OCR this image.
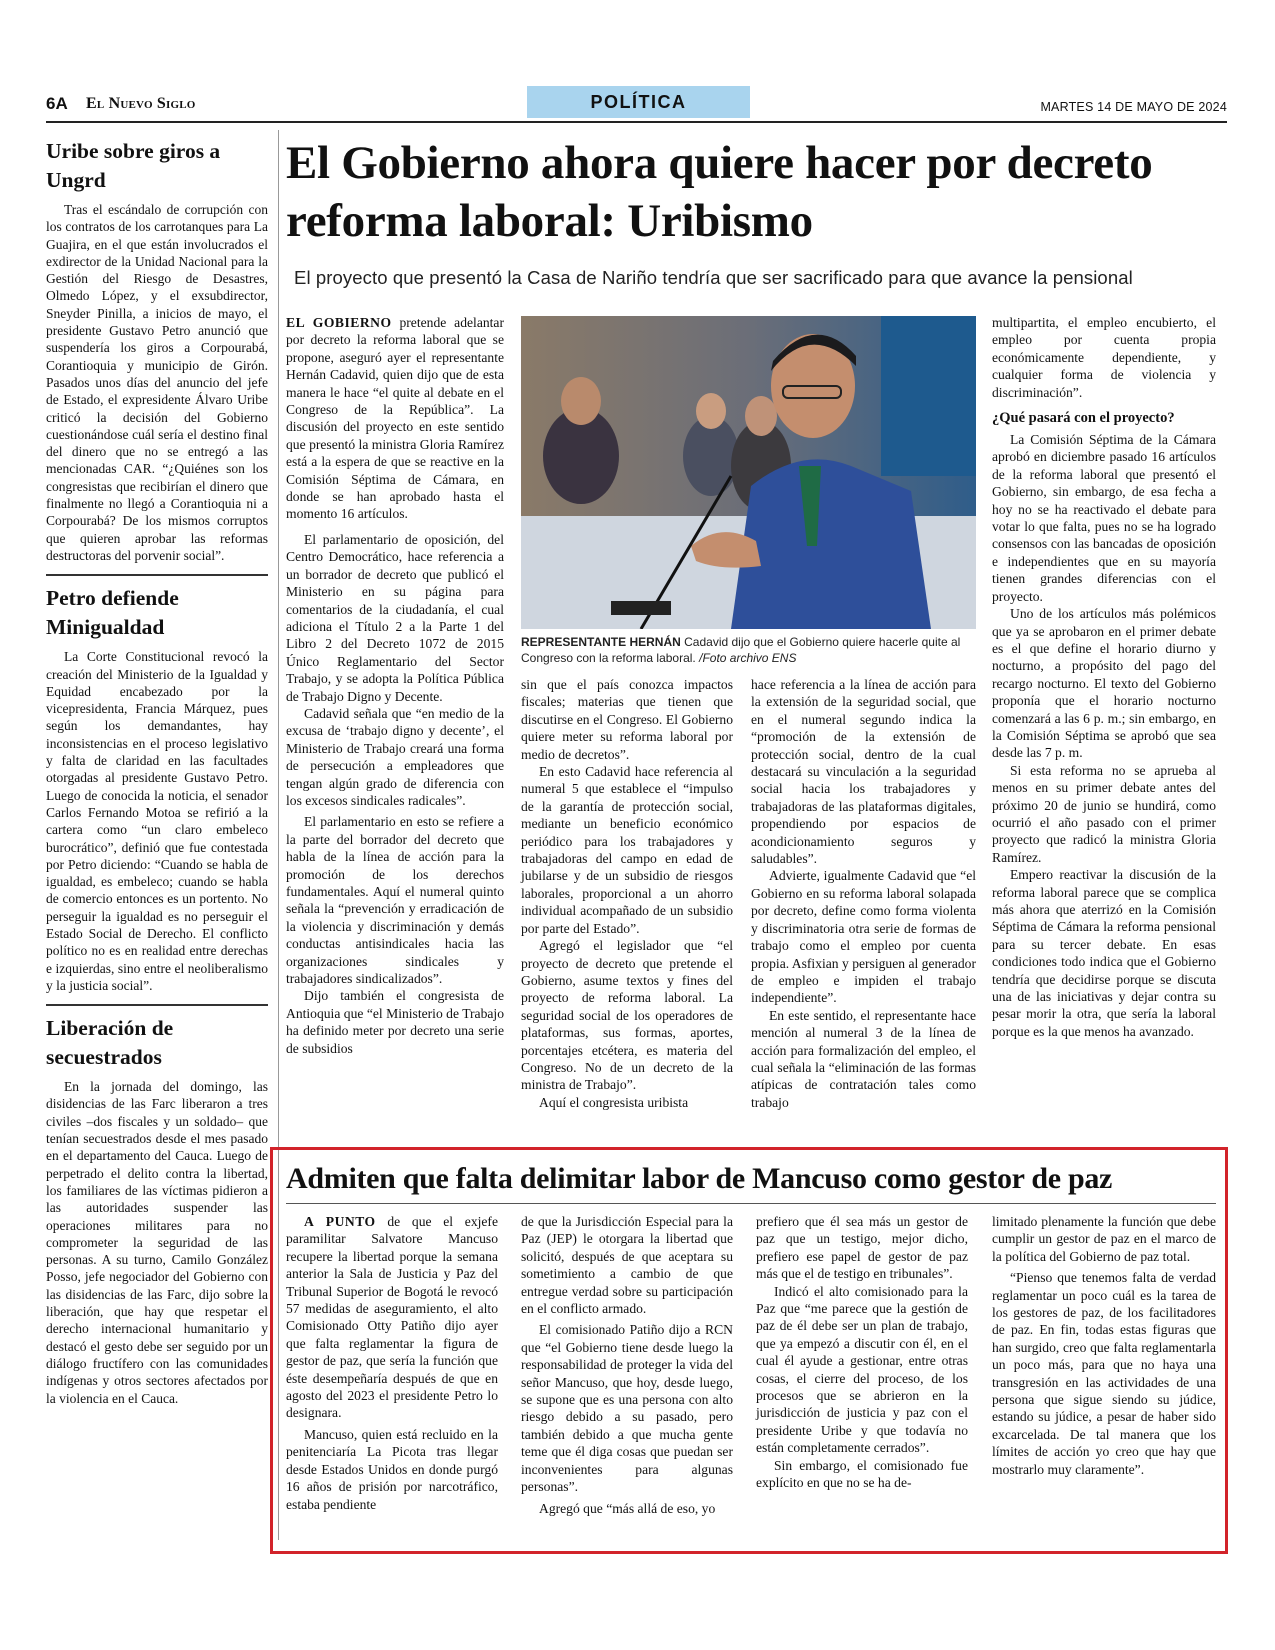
6A El Nuevo Siglo	POLÍTICA	MARTES 14 DE MAYO DE 2024
Uribe sobre giros a Ungrd

Tras el escándalo de corrupción con los contratos de los carrotanques para La Guajira, en el que están involucrados el exdirector de la Unidad Nacional para la Gestión del Riesgo de Desastres, Olmedo López, y el exsubdirector, Sneyder Pinilla, a inicios de mayo, el presidente Gustavo Petro anunció que suspendería los giros a Corpourabá, Corantioquia y municipio de Girón. Pasados unos días del anuncio del jefe de Estado, el expresidente Álvaro Uribe criticó la decisión del Gobierno cuestionándose cuál sería el destino final del dinero que no se entregó a las mencionadas CAR. “¿Quiénes son los congresistas que recibirían el dinero que finalmente no llegó a Corantioquia ni a Corpourabá? De los mismos corruptos que quieren aprobar las reformas destructoras del porvenir social”.

Petro defiende Minigualdad

La Corte Constitucional revocó la creación del Ministerio de la Igualdad y Equidad encabezado por la vicepresidenta, Francia Márquez, pues según los demandantes, hay inconsistencias en el proceso legislativo y falta de claridad en las facultades otorgadas al presidente Gustavo Petro. Luego de conocida la noticia, el senador Carlos Fernando Motoa se refirió a la cartera como “un claro embeleco burocrático”, definió que fue contestada por Petro diciendo: “Cuando se habla de igualdad, es embeleco; cuando se habla de comercio entonces es un portento. No perseguir la igualdad es no perseguir el Estado Social de Derecho. El conflicto político no es en realidad entre derechas e izquierdas, sino entre el neoliberalismo y la justicia social”.

Liberación de secuestrados

En la jornada del domingo, las disidencias de las Farc liberaron a tres civiles –dos fiscales y un soldado– que tenían secuestrados desde el mes pasado en el departamento del Cauca. Luego de perpetrado el delito contra la libertad, los familiares de las víctimas pidieron a las autoridades suspender las operaciones militares para no comprometer la seguridad de las personas. A su turno, Camilo González Posso, jefe negociador del Gobierno con las disidencias de las Farc, dijo sobre la liberación, que hay que respetar el derecho internacional humanitario y destacó el gesto debe ser seguido por un diálogo fructífero con las comunidades indígenas y otros sectores afectados por la violencia en el Cauca.

El Gobierno ahora quiere hacer por decreto reforma laboral: Uribismo
El proyecto que presentó la Casa de Nariño tendría que ser sacrificado para que avance la pensional

EL GOBIERNO pretende adelantar por decreto la reforma laboral que se propone, aseguró ayer el representante Hernán Cadavid, quien dijo que de esta manera le hace “el quite al debate en el Congreso de la República”. La discusión del proyecto en este sentido que presentó la ministra Gloria Ramírez está a la espera de que se reactive en la Comisión Séptima de Cámara, en donde se han aprobado hasta el momento 16 artículos.

El parlamentario de oposición, del Centro Democrático, hace referencia a un borrador de decreto que publicó el Ministerio en su página para comentarios de la ciudadanía, el cual adiciona el Título 2 a la Parte 1 del Libro 2 del Decreto 1072 de 2015 Único Reglamentario del Sector Trabajo, y se adopta la Política Pública de Trabajo Digno y Decente.

Cadavid señala que “en medio de la excusa de ‘trabajo digno y decente’, el Ministerio de Trabajo creará una forma de persecución a empleadores que tengan algún grado de diferencia con los excesos sindicales radicales”.

El parlamentario en esto se refiere a la parte del borrador del decreto que habla de la línea de acción para la promoción de los derechos fundamentales. Aquí el numeral quinto señala la “prevención y erradicación de la violencia y discriminación y demás conductas antisindicales hacia las organizaciones sindicales y trabajadores sindicalizados”.

Dijo también el congresista de Antioquia que “el Ministerio de Trabajo ha definido meter por decreto una serie de subsidios

REPRESENTANTE HERNÁN Cadavid dijo que el Gobierno quiere hacerle quite al Congreso con la reforma laboral. /Foto archivo ENS

sin que el país conozca impactos fiscales; materias que tienen que discutirse en el Congreso. El Gobierno quiere meter su reforma laboral por medio de decretos”.

En esto Cadavid hace referencia al numeral 5 que establece el “impulso de la garantía de protección social, mediante un beneficio económico periódico para los trabajadores y trabajadoras del campo en edad de jubilarse y de un subsidio de riesgos laborales, proporcional a un ahorro individual acompañado de un subsidio por parte del Estado”.

Agregó el legislador que “el proyecto de decreto que pretende el Gobierno, asume textos y fines del proyecto de reforma laboral. La seguridad social de los operadores de plataformas, sus formas, aportes, porcentajes etcétera, es materia del Congreso. No de un decreto de la ministra de Trabajo”.

Aquí el congresista uribista

hace referencia a la línea de acción para la extensión de la seguridad social, que en el numeral segundo indica la “promoción de la extensión de protección social, dentro de la cual destacará su vinculación a la seguridad social hacia los trabajadores y trabajadoras de las plataformas digitales, propendiendo por espacios de acondicionamiento seguros y saludables”.

Advierte, igualmente Cadavid que “el Gobierno en su reforma laboral solapada por decreto, define como forma violenta y discriminatoria otra serie de formas de trabajo como el empleo por cuenta propia. Asfixian y persiguen al generador de empleo e impiden el trabajo independiente”.

En este sentido, el representante hace mención al numeral 3 de la línea de acción para formalización del empleo, el cual señala la “eliminación de las formas atípicas de contratación tales como trabajo

multipartita, el empleo encubierto, el empleo por cuenta propia económicamente dependiente, y cualquier forma de violencia y discriminación”.

¿Qué pasará con el proyecto?

La Comisión Séptima de la Cámara aprobó en diciembre pasado 16 artículos de la reforma laboral que presentó el Gobierno, sin embargo, de esa fecha a hoy no se ha reactivado el debate para votar lo que falta, pues no se ha logrado consensos con las bancadas de oposición e independientes que en su mayoría tienen grandes diferencias con el proyecto.

Uno de los artículos más polémicos que ya se aprobaron en el primer debate es el que define el horario diurno y nocturno, a propósito del pago del recargo nocturno. El texto del Gobierno proponía que el horario nocturno comenzará a las 6 p. m.; sin embargo, en la Comisión Séptima se aprobó que sea desde las 7 p. m.

Si esta reforma no se aprueba al menos en su primer debate antes del próximo 20 de junio se hundirá, como ocurrió el año pasado con el primer proyecto que radicó la ministra Gloria Ramírez.

Empero reactivar la discusión de la reforma laboral parece que se complica más ahora que aterrizó en la Comisión Séptima de Cámara la reforma pensional para su tercer debate. En esas condiciones todo indica que el Gobierno tendría que decidirse porque se discuta una de las iniciativas y dejar contra su pesar morir la otra, que sería la laboral porque es la que menos ha avanzado.

Admiten que falta delimitar labor de Mancuso como gestor de paz

A PUNTO de que el exjefe paramilitar Salvatore Mancuso recupere la libertad porque la semana anterior la Sala de Justicia y Paz del Tribunal Superior de Bogotá le revocó 57 medidas de aseguramiento, el alto Comisionado Otty Patiño dijo ayer que falta reglamentar la figura de gestor de paz, que sería la función que éste desempeñaría después de que en agosto del 2023 el presidente Petro lo designara.

Mancuso, quien está recluido en la penitenciaría La Picota tras llegar desde Estados Unidos en donde purgó 16 años de prisión por narcotráfico, estaba pendiente

de que la Jurisdicción Especial para la Paz (JEP) le otorgara la libertad que solicitó, después de que aceptara su sometimiento a cambio de que entregue verdad sobre su participación en el conflicto armado.

El comisionado Patiño dijo a RCN que “el Gobierno tiene desde luego la responsabilidad de proteger la vida del señor Mancuso, que hoy, desde luego, se supone que es una persona con alto riesgo debido a su pasado, pero también debido a que mucha gente teme que él diga cosas que puedan ser inconvenientes para algunas personas”.

Agregó que “más allá de eso, yo

prefiero que él sea más un gestor de paz que un testigo, mejor dicho, prefiero ese papel de gestor de paz más que el de testigo en tribunales”.

Indicó el alto comisionado para la Paz que “me parece que la gestión de paz de él debe ser un plan de trabajo, que ya empezó a discutir con él, en el cual él ayude a gestionar, entre otras cosas, el cierre del proceso, de los procesos que se abrieron en la jurisdicción de justicia y paz con el presidente Uribe y que todavía no están completamente cerrados”.

Sin embargo, el comisionado fue explícito en que no se ha de-

limitado plenamente la función que debe cumplir un gestor de paz en el marco de la política del Gobierno de paz total.

“Pienso que tenemos falta de verdad reglamentar un poco cuál es la tarea de los gestores de paz, de los facilitadores de paz. En fin, todas estas figuras que han surgido, creo que falta reglamentarla un poco más, para que no haya una transgresión en las actividades de una persona que sigue siendo su júdice, estando su júdice, a pesar de haber sido excarcelada. De tal manera que los límites de acción yo creo que hay que mostrarlo muy claramente”.
